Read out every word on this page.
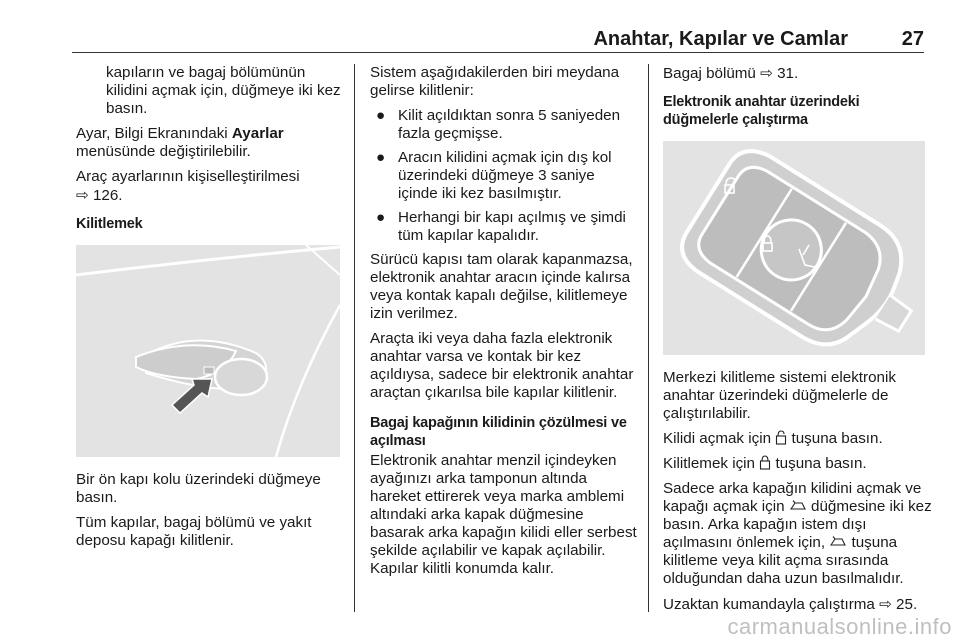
Anahtar, Kapılar ve Camlar	27

kapıların ve bagaj bölümünün kilidini açmak için, düğmeye iki kez basın.

Ayar, Bilgi Ekranındaki Ayarlar menüsünde değiştirilebilir.

Araç ayarlarının kişiselleştirilmesi
⇨ 126.

Kilitlemek

Bir ön kapı kolu üzerindeki düğmeye basın.

Tüm kapılar, bagaj bölümü ve yakıt deposu kapağı kilitlenir.

Sistem aşağıdakilerden biri meydana gelirse kilitlenir:

● Kilit açıldıktan sonra 5 saniyeden fazla geçmişse.
● Aracın kilidini açmak için dış kol üzerindeki düğmeye 3 saniye içinde iki kez basılmıştır.
● Herhangi bir kapı açılmış ve şimdi tüm kapılar kapalıdır.

Sürücü kapısı tam olarak kapanmazsa, elektronik anahtar aracın içinde kalırsa veya kontak kapalı değilse, kilitlemeye izin verilmez.

Araçta iki veya daha fazla elektronik anahtar varsa ve kontak bir kez açıldıysa, sadece bir elektronik anahtar araçtan çıkarılsa bile kapılar kilitlenir.

Bagaj kapağının kilidinin çözülmesi ve açılması

Elektronik anahtar menzil içindeyken ayağınızı arka tamponun altında hareket ettirerek veya marka amblemi altındaki arka kapak düğmesine basarak arka kapağın kilidi eller serbest şekilde açılabilir ve kapak açılabilir. Kapılar kilitli konumda kalır.

Bagaj bölümü ⇨ 31.

Elektronik anahtar üzerindeki düğmelerle çalıştırma

Merkezi kilitleme sistemi elektronik anahtar üzerindeki düğmelerle de çalıştırılabilir.

Kilidi açmak için  tuşuna basın.

Kilitlemek için  tuşuna basın.

Sadece arka kapağın kilidini açmak ve kapağı açmak için  düğmesine iki kez basın. Arka kapağın istem dışı açılmasını önlemek için,  tuşuna kilitleme veya kilit açma sırasında olduğundan daha uzun basılmalıdır.

Uzaktan kumandayla çalıştırma ⇨ 25.

carmanualsonline.info
